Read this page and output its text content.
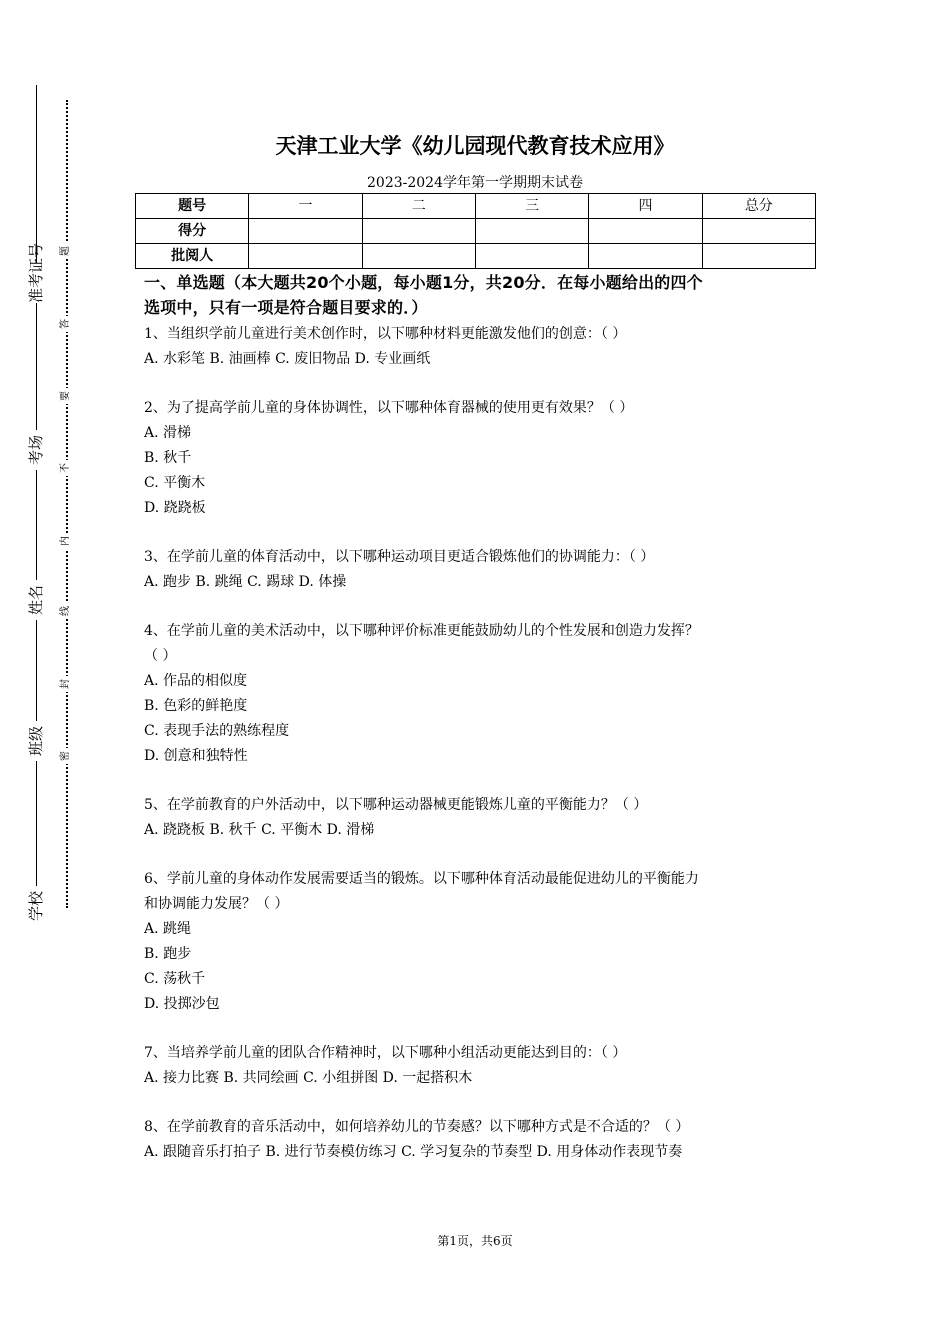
准考证号
考场
姓名
班级
学校
题
答
要
不
内
线
封
密
天津工业大学《幼儿园现代教育技术应用》
2023-2024学年第一学期期末试卷
题号	一	二	三	四	总分
得分					
批阅人					
一、单选题（本大题共20个小题，每小题1分，共20分．在每小题给出的四个
选项中，只有一项是符合题目要求的．）

1、当组织学前儿童进行美术创作时，以下哪种材料更能激发他们的创意：（ ）

A. 水彩笔 B. 油画棒 C. 废旧物品 D. 专业画纸

2、为了提高学前儿童的身体协调性，以下哪种体育器械的使用更有效果？（ ）

A. 滑梯

B. 秋千

C. 平衡木

D. 跷跷板

3、在学前儿童的体育活动中，以下哪种运动项目更适合锻炼他们的协调能力：（ ）

A. 跑步 B. 跳绳 C. 踢球 D. 体操

4、在学前儿童的美术活动中，以下哪种评价标准更能鼓励幼儿的个性发展和创造力发挥？

（ ）

A. 作品的相似度

B. 色彩的鲜艳度

C. 表现手法的熟练程度

D. 创意和独特性

5、在学前教育的户外活动中，以下哪种运动器械更能锻炼儿童的平衡能力？（ ）

A. 跷跷板 B. 秋千 C. 平衡木 D. 滑梯

6、学前儿童的身体动作发展需要适当的锻炼。以下哪种体育活动最能促进幼儿的平衡能力

和协调能力发展？（ ）

A. 跳绳

B. 跑步

C. 荡秋千

D. 投掷沙包

7、当培养学前儿童的团队合作精神时，以下哪种小组活动更能达到目的：（ ）

A. 接力比赛 B. 共同绘画 C. 小组拼图 D. 一起搭积木

8、在学前教育的音乐活动中，如何培养幼儿的节奏感？以下哪种方式是不合适的？（ ）

A. 跟随音乐打拍子 B. 进行节奏模仿练习 C. 学习复杂的节奏型 D. 用身体动作表现节奏

第1页，共6页
